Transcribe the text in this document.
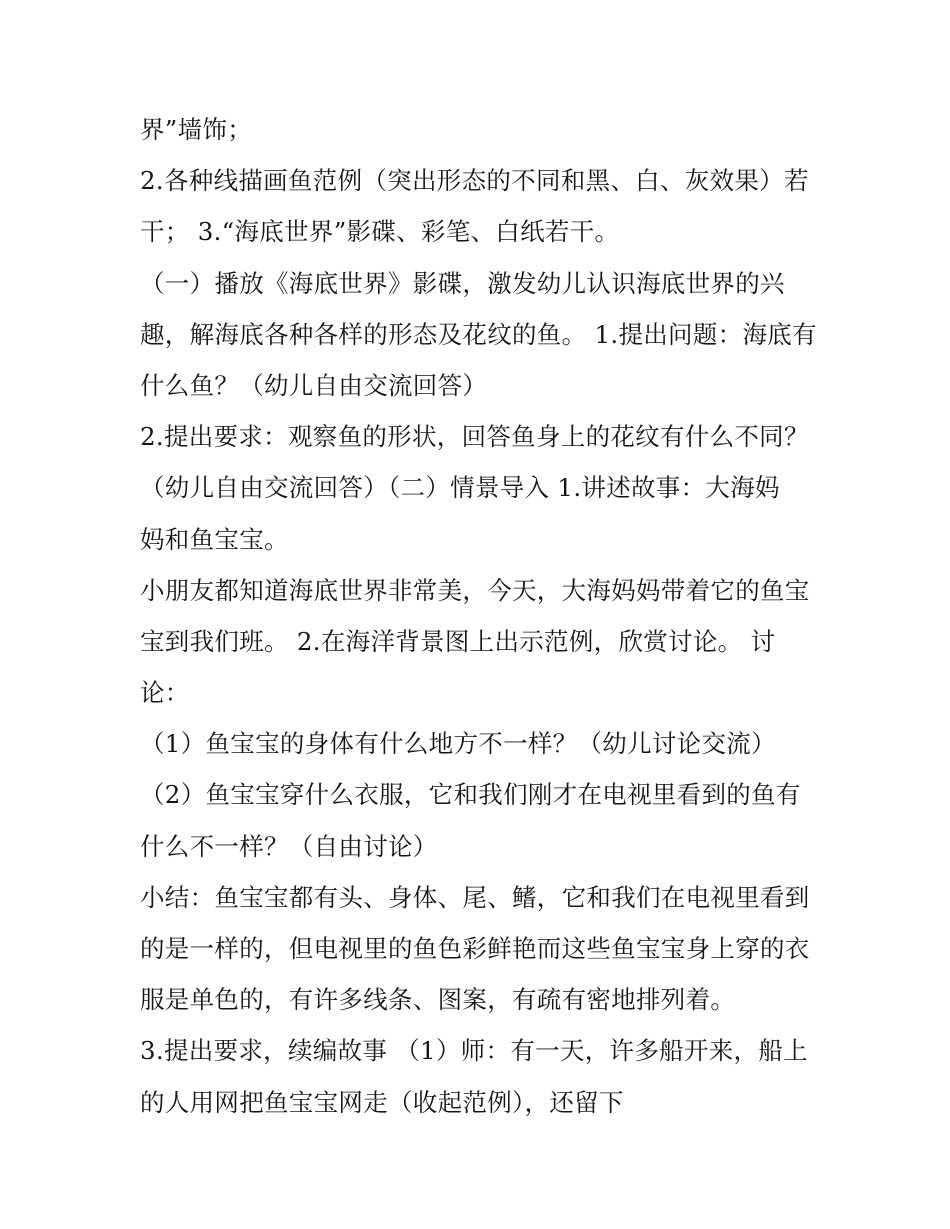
界”墙饰；
2.各种线描画鱼范例（突出形态的不同和黑、白、灰效果）若
干； 3.“海底世界”影碟、彩笔、白纸若干。
（一）播放《海底世界》影碟，激发幼儿认识海底世界的兴
趣，解海底各种各样的形态及花纹的鱼。 1.提出问题：海底有
什么鱼？（幼儿自由交流回答）
2.提出要求：观察鱼的形状，回答鱼身上的花纹有什么不同？
（幼儿自由交流回答）（二）情景导入 1.讲述故事：大海妈
妈和鱼宝宝。
小朋友都知道海底世界非常美，今天，大海妈妈带着它的鱼宝
宝到我们班。 2.在海洋背景图上出示范例，欣赏讨论。 讨
论：
（1）鱼宝宝的身体有什么地方不一样？（幼儿讨论交流）
（2）鱼宝宝穿什么衣服，它和我们刚才在电视里看到的鱼有
什么不一样？（自由讨论）
小结：鱼宝宝都有头、身体、尾、鳍，它和我们在电视里看到
的是一样的，但电视里的鱼色彩鲜艳而这些鱼宝宝身上穿的衣
服是单色的，有许多线条、图案，有疏有密地排列着。
3.提出要求，续编故事 （1）师：有一天，许多船开来，船上
的人用网把鱼宝宝网走（收起范例），还留下
